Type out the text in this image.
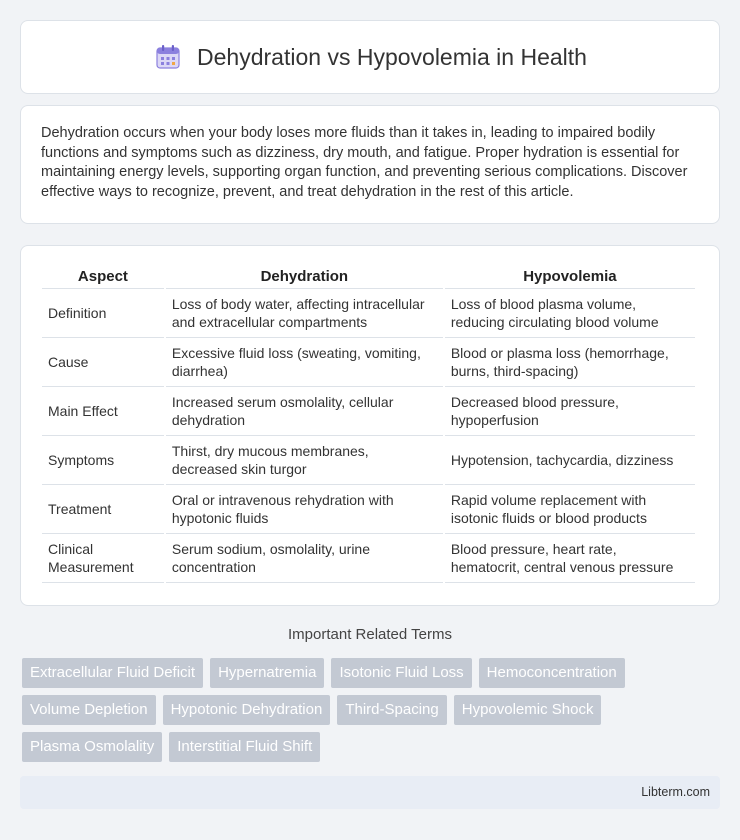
Dehydration vs Hypovolemia in Health

Dehydration occurs when your body loses more fluids than it takes in, leading to impaired bodily functions and symptoms such as dizziness, dry mouth, and fatigue. Proper hydration is essential for maintaining energy levels, supporting organ function, and preventing serious complications. Discover effective ways to recognize, prevent, and treat dehydration in the rest of this article.

Aspect	Dehydration	Hypovolemia
Definition	Loss of body water, affecting intracellular and extracellular compartments	Loss of blood plasma volume, reducing circulating blood volume
Cause	Excessive fluid loss (sweating, vomiting, diarrhea)	Blood or plasma loss (hemorrhage, burns, third-spacing)
Main Effect	Increased serum osmolality, cellular dehydration	Decreased blood pressure, hypoperfusion
Symptoms	Thirst, dry mucous membranes, decreased skin turgor	Hypotension, tachycardia, dizziness
Treatment	Oral or intravenous rehydration with hypotonic fluids	Rapid volume replacement with isotonic fluids or blood products
Clinical Measurement	Serum sodium, osmolality, urine concentration	Blood pressure, heart rate, hematocrit, central venous pressure
Important Related Terms
Extracellular Fluid Deficit	Hypernatremia	Isotonic Fluid Loss	Hemoconcentration
Volume Depletion	Hypotonic Dehydration	Third-Spacing	Hypovolemic Shock
Plasma Osmolality	Interstitial Fluid Shift
Libterm.com
